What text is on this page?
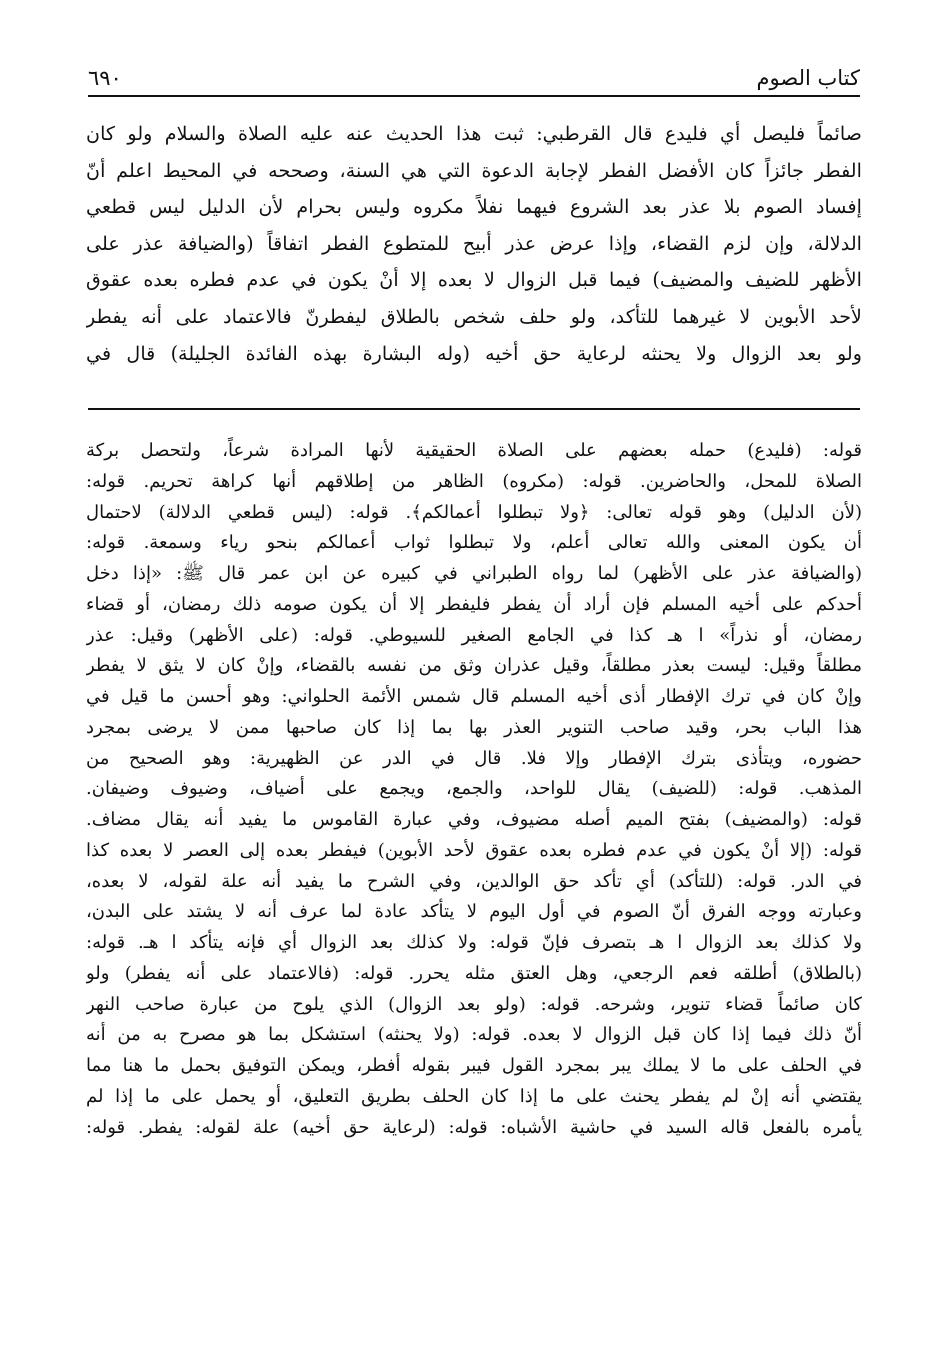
كتاب الصوم
٦٩٠
صائماً فليصل أي فليدع قال القرطبي: ثبت هذا الحديث عنه عليه الصلاة والسلام ولو كان
الفطر جائزاً كان الأفضل الفطر لإجابة الدعوة التي هي السنة، وصححه في المحيط اعلم أنّ
إفساد الصوم بلا عذر بعد الشروع فيهما نفلاً مكروه وليس بحرام لأن الدليل ليس قطعي
الدلالة، وإن لزم القضاء، وإذا عرض عذر أبيح للمتطوع الفطر اتفاقاً (والضيافة عذر على
الأظهر للضيف والمضيف) فيما قبل الزوال لا بعده إلا أنْ يكون في عدم فطره بعده عقوق
لأحد الأبوين لا غيرهما للتأكد، ولو حلف شخص بالطلاق ليفطرنّ فالاعتماد على أنه يفطر
ولو بعد الزوال ولا يحنثه لرعاية حق أخيه (وله البشارة بهذه الفائدة الجليلة) قال في
قوله: (فليدع) حمله بعضهم على الصلاة الحقيقية لأنها المرادة شرعاً، ولتحصل بركة
الصلاة للمحل، والحاضرين. قوله: (مكروه) الظاهر من إطلاقهم أنها كراهة تحريم. قوله:
(لأن الدليل) وهو قوله تعالى: ﴿ولا تبطلوا أعمالكم﴾. قوله: (ليس قطعي الدلالة) لاحتمال
أن يكون المعنى والله تعالى أعلم، ولا تبطلوا ثواب أعمالكم بنحو رياء وسمعة. قوله:
(والضيافة عذر على الأظهر) لما رواه الطبراني في كبيره عن ابن عمر قال ﷺ: «إذا دخل
أحدكم على أخيه المسلم فإن أراد أن يفطر فليفطر إلا أن يكون صومه ذلك رمضان، أو قضاء
رمضان، أو نذراً» ا هـ كذا في الجامع الصغير للسيوطي. قوله: (على الأظهر) وقيل: عذر
مطلقاً وقيل: ليست بعذر مطلقاً، وقيل عذران وثق من نفسه بالقضاء، وإنْ كان لا يثق لا يفطر
وإنْ كان في ترك الإفطار أذى أخيه المسلم قال شمس الأئمة الحلواني: وهو أحسن ما قيل في
هذا الباب بحر، وقيد صاحب التنوير العذر بها بما إذا كان صاحبها ممن لا يرضى بمجرد
حضوره، ويتأذى بترك الإفطار وإلا فلا. قال في الدر عن الظهيرية: وهو الصحيح من
المذهب. قوله: (للضيف) يقال للواحد، والجمع، ويجمع على أضياف، وضيوف وضيفان.
قوله: (والمضيف) بفتح الميم أصله مضيوف، وفي عبارة القاموس ما يفيد أنه يقال مضاف.
قوله: (إلا أنْ يكون في عدم فطره بعده عقوق لأحد الأبوين) فيفطر بعده إلى العصر لا بعده كذا
في الدر. قوله: (للتأكد) أي تأكد حق الوالدين، وفي الشرح ما يفيد أنه علة لقوله، لا بعده،
وعبارته ووجه الفرق أنّ الصوم في أول اليوم لا يتأكد عادة لما عرف أنه لا يشتد على البدن،
ولا كذلك بعد الزوال ا هـ بتصرف فإنّ قوله: ولا كذلك بعد الزوال أي فإنه يتأكد ا هـ. قوله:
(بالطلاق) أطلقه فعم الرجعي، وهل العتق مثله يحرر. قوله: (فالاعتماد على أنه يفطر) ولو
كان صائماً قضاء تنوير، وشرحه. قوله: (ولو بعد الزوال) الذي يلوح من عبارة صاحب النهر
أنّ ذلك فيما إذا كان قبل الزوال لا بعده. قوله: (ولا يحنثه) استشكل بما هو مصرح به من أنه
في الحلف على ما لا يملك يبر بمجرد القول فيبر بقوله أفطر، ويمكن التوفيق بحمل ما هنا مما
يقتضي أنه إنْ لم يفطر يحنث على ما إذا كان الحلف بطريق التعليق، أو يحمل على ما إذا لم
يأمره بالفعل قاله السيد في حاشية الأشباه: قوله: (لرعاية حق أخيه) علة لقوله: يفطر. قوله:
